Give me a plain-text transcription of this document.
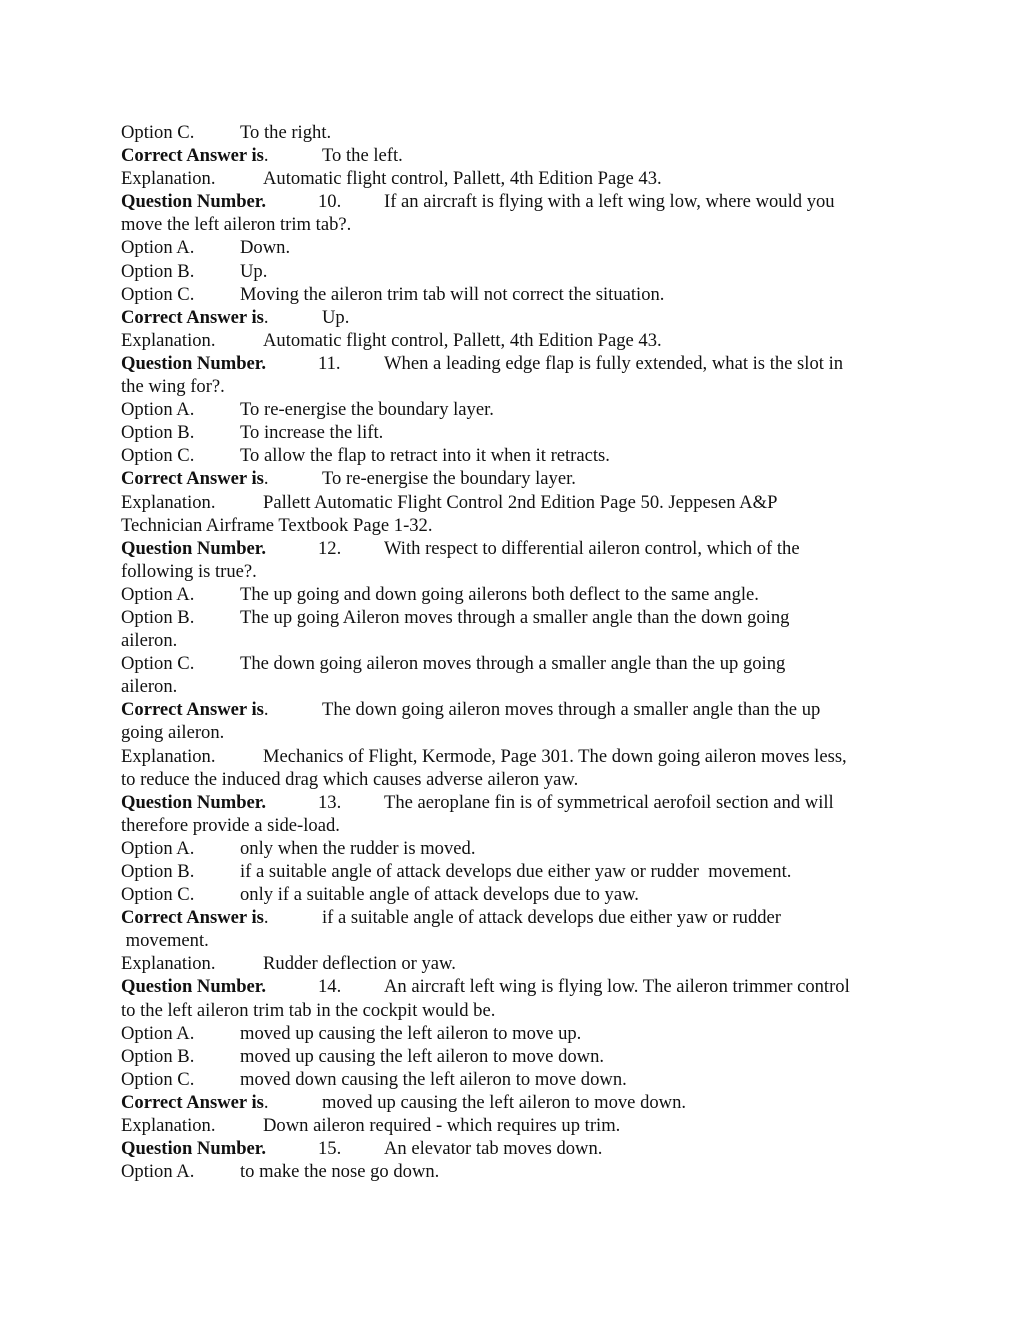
Option C. To the right.
Correct Answer is.	To the left.
Explanation.	Automatic flight control, Pallett, 4th Edition Page 43.
Question Number.	10. If an aircraft is flying with a left wing low, where would you
move the left aileron trim tab?.
Option A. Down.
Option B. Up.
Option C. Moving the aileron trim tab will not correct the situation.
Correct Answer is.	Up.
Explanation.	Automatic flight control, Pallett, 4th Edition Page 43.
Question Number.	11. When a leading edge flap is fully extended, what is the slot in
the wing for?.
Option A. To re-energise the boundary layer.
Option B. To increase the lift.
Option C. To allow the flap to retract into it when it retracts.
Correct Answer is.	To re-energise the boundary layer.
Explanation.	Pallett Automatic Flight Control 2nd Edition Page 50. Jeppesen A&P
Technician Airframe Textbook Page 1-32.
Question Number.	12. With respect to differential aileron control, which of the
following is true?.
Option A. The up going and down going ailerons both deflect to the same angle.
Option B. The up going Aileron moves through a smaller angle than the down going
aileron.
Option C. The down going aileron moves through a smaller angle than the up going
aileron.
Correct Answer is.	The down going aileron moves through a smaller angle than the up
going aileron.
Explanation.	Mechanics of Flight, Kermode, Page 301. The down going aileron moves less,
to reduce the induced drag which causes adverse aileron yaw.
Question Number.	13. The aeroplane fin is of symmetrical aerofoil section and will
therefore provide a side-load.
Option A. only when the rudder is moved.
Option B. if a suitable angle of attack develops due either yaw or rudder  movement.
Option C. only if a suitable angle of attack develops due to yaw.
Correct Answer is.	if a suitable angle of attack develops due either yaw or rudder
movement.
Explanation.	Rudder deflection or yaw.
Question Number.	14. An aircraft left wing is flying low. The aileron trimmer control
to the left aileron trim tab in the cockpit would be.
Option A. moved up causing the left aileron to move up.
Option B. moved up causing the left aileron to move down.
Option C. moved down causing the left aileron to move down.
Correct Answer is.	moved up causing the left aileron to move down.
Explanation.	Down aileron required - which requires up trim.
Question Number.	15. An elevator tab moves down.
Option A. to make the nose go down.
